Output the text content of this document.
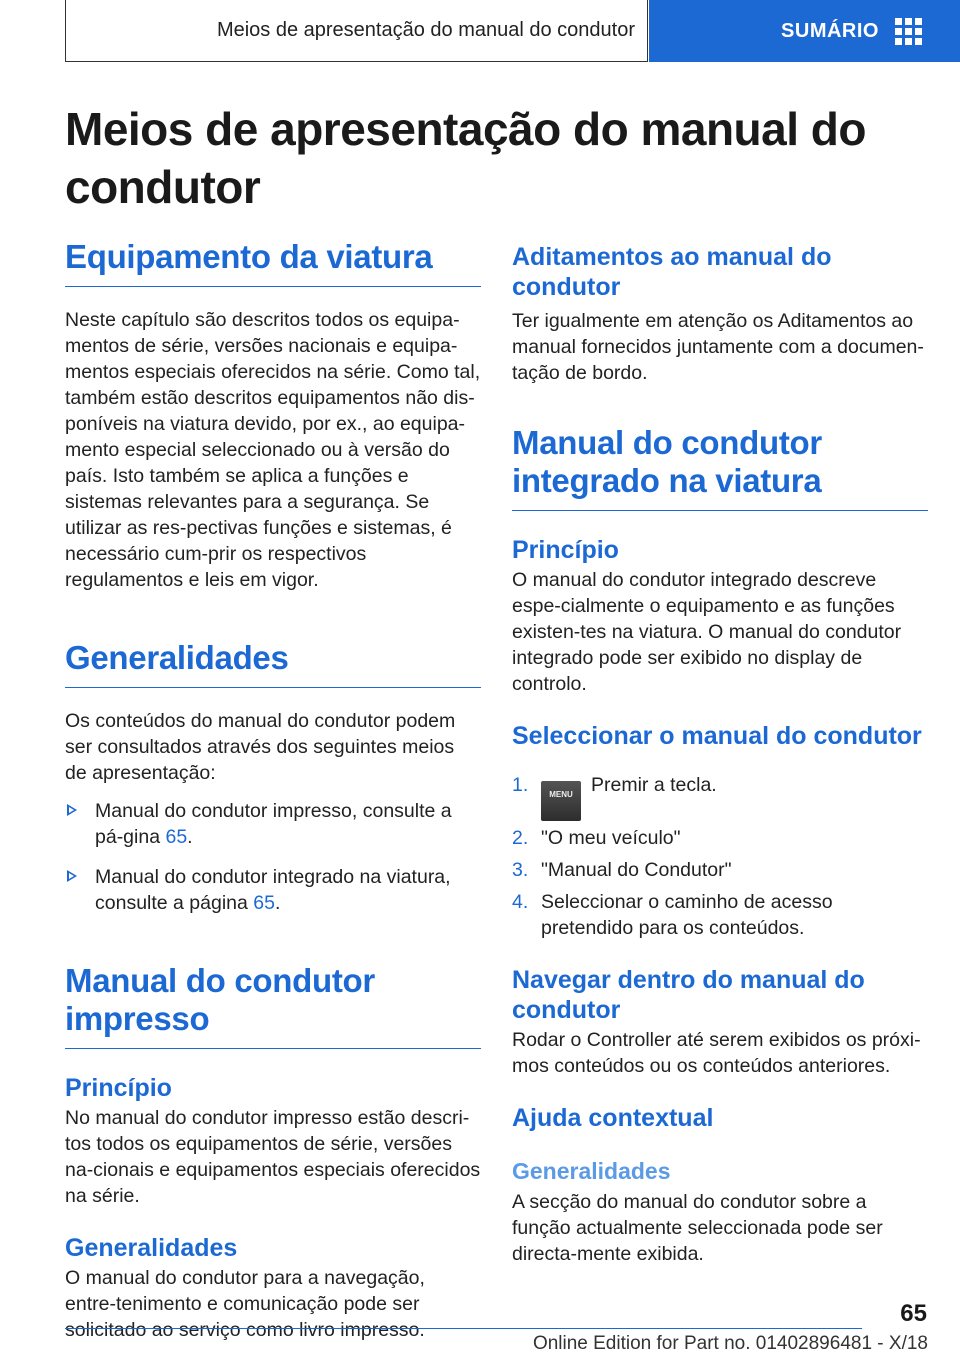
Meios de apresentação do manual do condutor	SUMÁRIO
Meios de apresentação do manual do condutor
Equipamento da viatura

Neste capítulo são descritos todos os equipa-mentos de série, versões nacionais e equipa-mentos especiais oferecidos na série. Como tal, também estão descritos equipamentos não dis-poníveis na viatura devido, por ex., ao equipa-mento especial seleccionado ou à versão do país. Isto também se aplica a funções e sistemas relevantes para a segurança. Se utilizar as res-pectivas funções e sistemas, é necessário cum-prir os respectivos regulamentos e leis em vigor.

Generalidades

Os conteúdos do manual do condutor podem ser consultados através dos seguintes meios de apresentação:

Manual do condutor impresso, consulte a pá-gina 65.
Manual do condutor integrado na viatura, consulte a página 65.
Manual do condutor impresso
Princípio

No manual do condutor impresso estão descri-tos todos os equipamentos de série, versões na-cionais e equipamentos especiais oferecidos na série.

Generalidades

O manual do condutor para a navegação, entre-tenimento e comunicação pode ser solicitado ao serviço como livro impresso.

Aditamentos ao manual do condutor

Ter igualmente em atenção os Aditamentos ao manual fornecidos juntamente com a documen-tação de bordo.

Manual do condutor integrado na viatura
Princípio

O manual do condutor integrado descreve espe-cialmente o equipamento e as funções existen-tes na viatura. O manual do condutor integrado pode ser exibido no display de controlo.

Seleccionar o manual do condutor
1.	MENU Premir a tecla.
2. "O meu veículo"
3. "Manual do Condutor"
4. Seleccionar o caminho de acesso pretendido para os conteúdos.
Navegar dentro do manual do condutor

Rodar o Controller até serem exibidos os próxi-mos conteúdos ou os conteúdos anteriores.

Ajuda contextual
Generalidades

A secção do manual do condutor sobre a função actualmente seleccionada pode ser directa-mente exibida.

65
Online Edition for Part no. 01402896481 - X/18
